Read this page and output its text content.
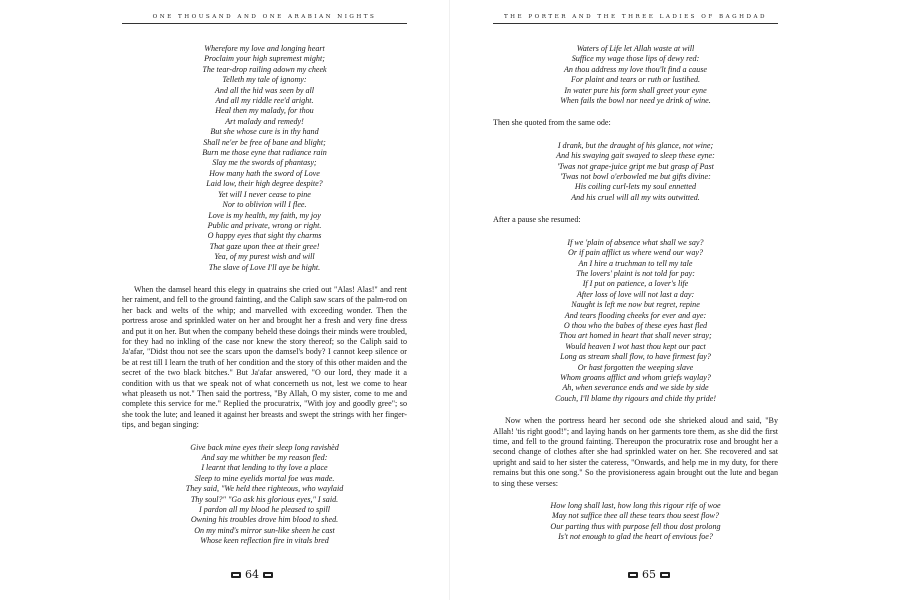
ONE THOUSAND AND ONE ARABIAN NIGHTS
Wherefore my love and longing heart
Proclaim your high supremest might;
The tear-drop railing adown my cheek
Telleth my tale of ignomy:
And all the hid was seen by all
And all my riddle ree'd aright.
Heal then my malady, for thou
Art malady and remedy!
But she whose cure is in thy hand
Shall ne'er be free of bane and blight;
Burn me those eyne that radiance rain
Slay me the swords of phantasy;
How many hath the sword of Love
Laid low, their high degree despite?
Yet will I never cease to pine
Nor to oblivion will I flee.
Love is my health, my faith, my joy
Public and private, wrong or right.
O happy eyes that sight thy charms
That gaze upon thee at their gree!
Yea, of my purest wish and will
The slave of Love I'll aye be hight.

When the damsel heard this elegy in quatrains she cried out "Alas! Alas!" and rent her raiment, and fell to the ground fainting, and the Caliph saw scars of the palm-rod on her back and welts of the whip; and marvelled with exceeding wonder. Then the portress arose and sprinkled water on her and brought her a fresh and very fine dress and put it on her. But when the company beheld these doings their minds were troubled, for they had no inkling of the case nor knew the story thereof; so the Caliph said to Ja'afar, "Didst thou not see the scars upon the damsel's body? I cannot keep silence or be at rest till I learn the truth of her condition and the story of this other maiden and the secret of the two black bitches." But Ja'afar answered, "O our lord, they made it a condition with us that we speak not of what concerneth us not, lest we come to hear what pleaseth us not." Then said the portress, "By Allah, O my sister, come to me and complete this service for me." Replied the procuratrix, "With joy and goodly gree"; so she took the lute; and leaned it against her breasts and swept the strings with her finger-tips, and began singing:

Give back mine eyes their sleep long ravishèd
And say me whither be my reason fled:
I learnt that lending to thy love a place
Sleep to mine eyelids mortal foe was made.
They said, "We held thee righteous, who waylaid
Thy soul?" "Go ask his glorious eyes," I said.
I pardon all my blood he pleased to spill
Owning his troubles drove him blood to shed.
On my mind's mirror sun-like sheen he cast
Whose keen reflection fire in vitals bred
64
THE PORTER AND THE THREE LADIES OF BAGHDAD
Waters of Life let Allah waste at will
Suffice my wage those lips of dewy red:
An thou address my love thou'lt find a cause
For plaint and tears or ruth or lustihed.
In water pure his form shall greet your eyne
When fails the bowl nor need ye drink of wine.

Then she quoted from the same ode:

I drank, but the draught of his glance, not wine;
And his swaying gait swayed to sleep these eyne:
'Twas not grape-juice gript me but grasp of Past
'Twas not bowl o'erbowled me but gifts divine:
His coiling curl-lets my soul ennetted
And his cruel will all my wits outwitted.

After a pause she resumed:

If we 'plain of absence what shall we say?
Or if pain afflict us where wend our way?
An I hire a truchman to tell my tale
The lovers' plaint is not told for pay:
If I put on patience, a lover's life
After loss of love will not last a day:
Naught is left me now but regret, repine
And tears flooding cheeks for ever and aye:
O thou who the babes of these eyes hast fled
Thou art homed in heart that shall never stray;
Would heaven I wot hast thou kept our pact
Long as stream shall flow, to have firmest fay?
Or hast forgotten the weeping slave
Whom groans afflict and whom griefs waylay?
Ah, when severance ends and we side by side
Couch, I'll blame thy rigours and chide thy pride!

Now when the portress heard her second ode she shrieked aloud and said, "By Allah! 'tis right good!"; and laying hands on her garments tore them, as she did the first time, and fell to the ground fainting. Thereupon the procuratrix rose and brought her a second change of clothes after she had sprinkled water on her. She recovered and sat upright and said to her sister the cateress, "Onwards, and help me in my duty, for there remains but this one song." So the provisioneress again brought out the lute and began to sing these verses:

How long shall last, how long this rigour rife of woe
May not suffice thee all these tears thou seest flow?
Our parting thus with purpose fell thou dost prolong
Is't not enough to glad the heart of envious foe?
65
